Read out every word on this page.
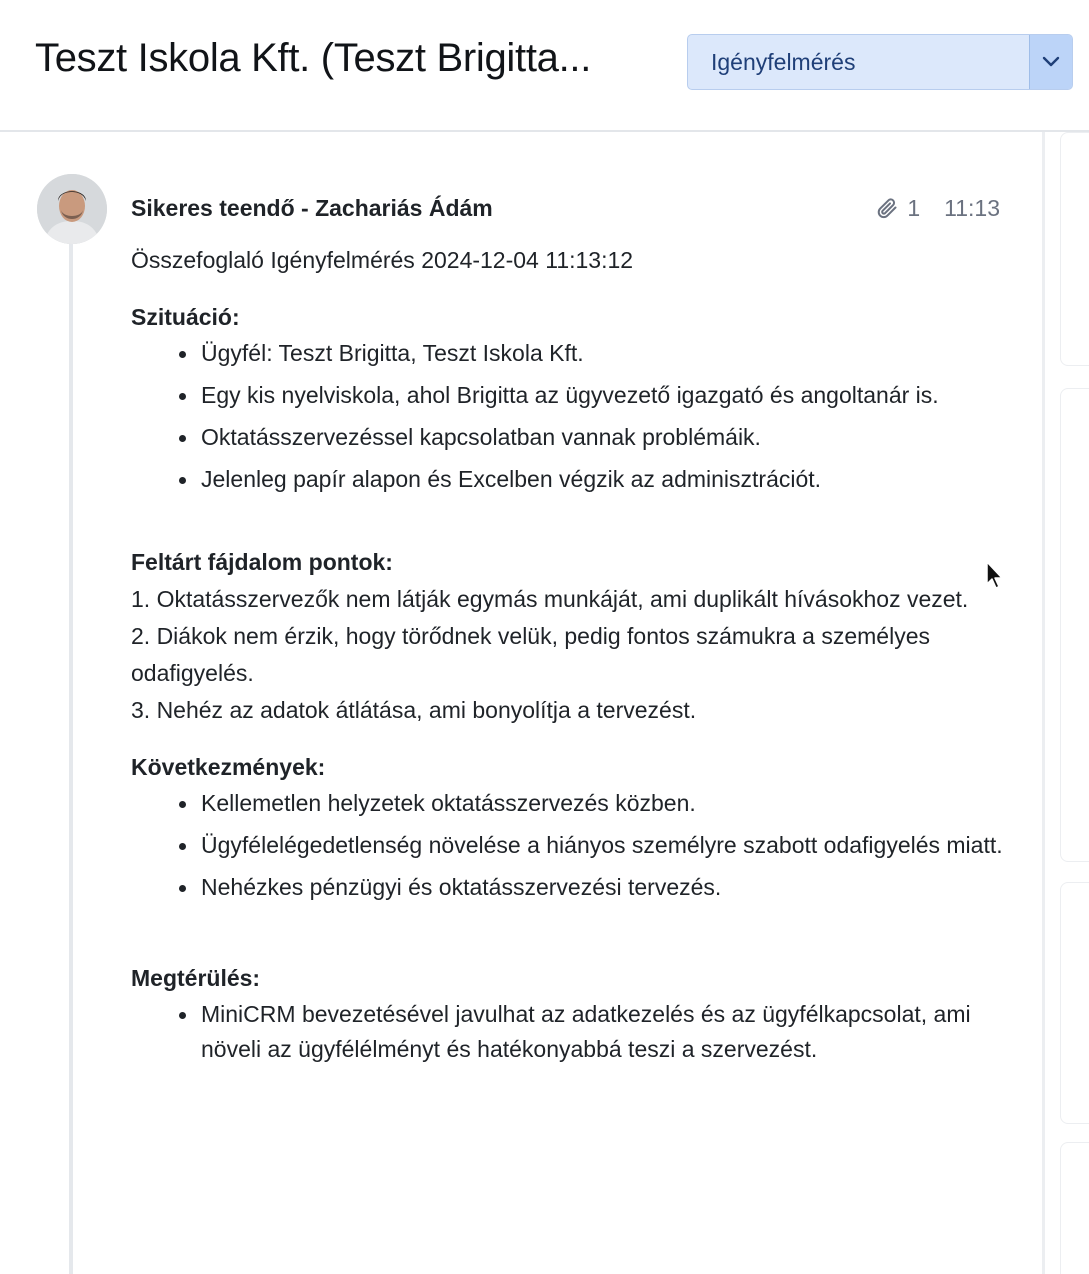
Teszt Iskola Kft. (Teszt Brigitta...	Igényfelmérés
Sikeres teendő - Zachariás Ádám	1 11:13
Összefoglaló Igényfelmérés 2024-12-04 11:13:12
Szituáció:
Ügyfél: Teszt Brigitta, Teszt Iskola Kft.
Egy kis nyelviskola, ahol Brigitta az ügyvezető igazgató és angoltanár is.
Oktatásszervezéssel kapcsolatban vannak problémáik.
Jelenleg papír alapon és Excelben végzik az adminisztrációt.
Feltárt fájdalom pontok:
1. Oktatásszervezők nem látják egymás munkáját, ami duplikált hívásokhoz vezet.
2. Diákok nem érzik, hogy törődnek velük, pedig fontos számukra a személyes odafigyelés.
3. Nehéz az adatok átlátása, ami bonyolítja a tervezést.
Következmények:
Kellemetlen helyzetek oktatásszervezés közben.
Ügyfélelégedetlenség növelése a hiányos személyre szabott odafigyelés miatt.
Nehézkes pénzügyi és oktatásszervezési tervezés.
Megtérülés:
MiniCRM bevezetésével javulhat az adatkezelés és az ügyfélkapcsolat, ami növeli az ügyfélélményt és hatékonyabbá teszi a szervezést.
